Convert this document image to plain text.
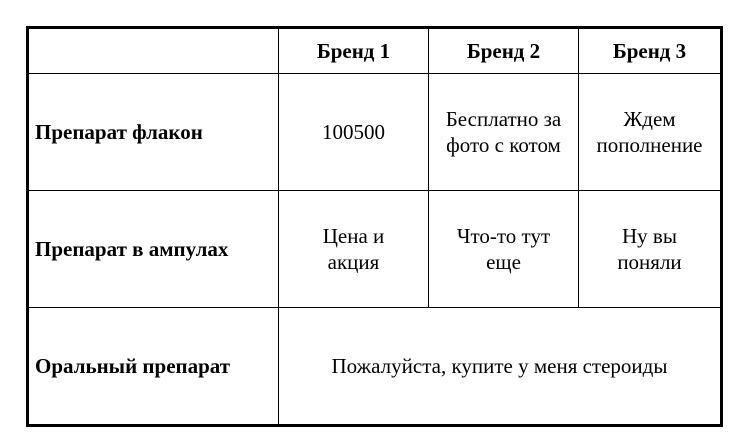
	Бренд 1	Бренд 2	Бренд 3
Препарат флакон	100500	Бесплатно за фото с котом	Ждем пополнение
Препарат в ампулах	Цена и акция	Что-то тут еще	Ну вы поняли
Оральный препарат	Пожалуйста, купите у меня стероиды		
